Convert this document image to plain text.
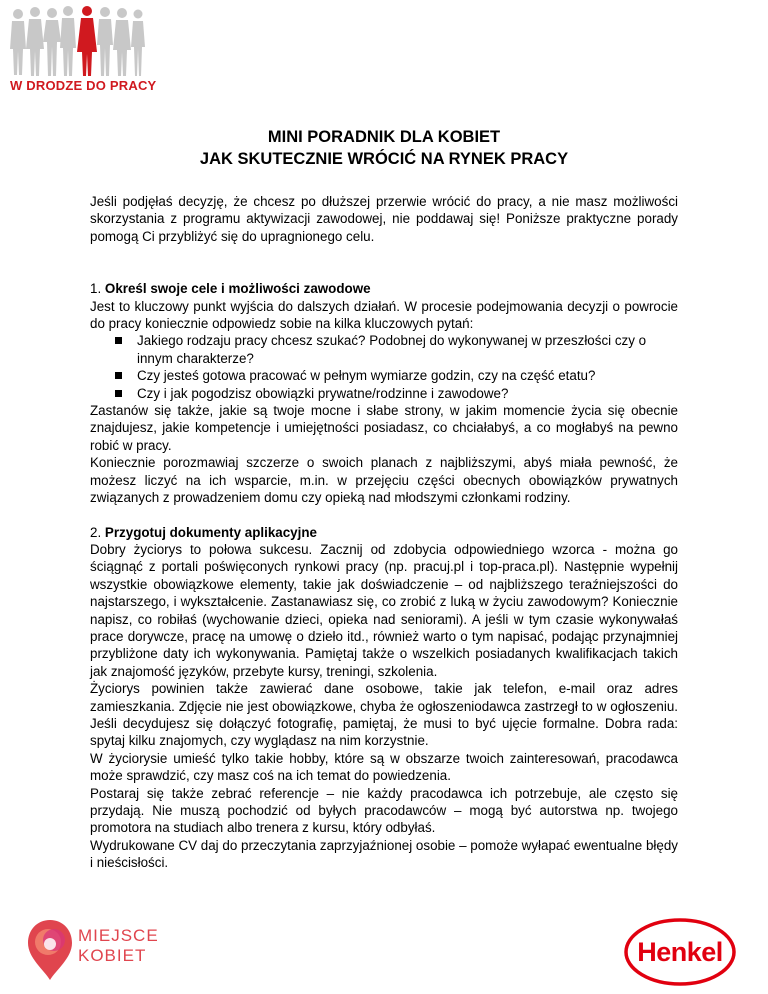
W DRODZE DO PRACY
MINI PORADNIK DLA KOBIET
JAK SKUTECZNIE WRÓCIĆ NA RYNEK PRACY

Jeśli podjęłaś decyzję, że chcesz po dłuższej przerwie wrócić do pracy, a nie masz możliwości skorzystania z programu aktywizacji zawodowej, nie poddawaj się! Poniższe praktyczne porady pomogą Ci przybliżyć się do upragnionego celu.

1. Określ swoje cele i możliwości zawodowe

Jest to kluczowy punkt wyjścia do dalszych działań. W procesie podejmowania decyzji o powrocie do pracy koniecznie odpowiedz sobie na kilka kluczowych pytań:

Jakiego rodzaju pracy chcesz szukać? Podobnej do wykonywanej w przeszłości czy o innym charakterze?
Czy jesteś gotowa pracować w pełnym wymiarze godzin, czy na część etatu?
Czy i jak pogodzisz obowiązki prywatne/rodzinne i zawodowe?

Zastanów się także, jakie są twoje mocne i słabe strony, w jakim momencie życia się obecnie znajdujesz, jakie kompetencje i umiejętności posiadasz, co chciałabyś, a co mogłabyś na pewno robić w pracy.

Koniecznie porozmawiaj szczerze o swoich planach z najbliższymi, abyś miała pewność, że możesz liczyć na ich wsparcie, m.in. w przejęciu części obecnych obowiązków prywatnych związanych z prowadzeniem domu czy opieką nad młodszymi członkami rodziny.

2. Przygotuj dokumenty aplikacyjne

Dobry życiorys to połowa sukcesu. Zacznij od zdobycia odpowiedniego wzorca - można go ściągnąć z portali poświęconych rynkowi pracy (np. pracuj.pl i top-praca.pl). Następnie wypełnij wszystkie obowiązkowe elementy, takie jak doświadczenie – od najbliższego teraźniejszości do najstarszego, i wykształcenie. Zastanawiasz się, co zrobić z luką w życiu zawodowym? Koniecznie napisz, co robiłaś (wychowanie dzieci, opieka nad seniorami). A jeśli w tym czasie wykonywałaś prace dorywcze, pracę na umowę o dzieło itd., również warto o tym napisać, podając przynajmniej przybliżone daty ich wykonywania. Pamiętaj także o wszelkich posiadanych kwalifikacjach takich jak znajomość języków, przebyte kursy, treningi, szkolenia.

Życiorys powinien także zawierać dane osobowe, takie jak telefon, e-mail oraz adres zamieszkania. Zdjęcie nie jest obowiązkowe, chyba że ogłoszeniodawca zastrzegł to w ogłoszeniu. Jeśli decydujesz się dołączyć fotografię, pamiętaj, że musi to być ujęcie formalne. Dobra rada: spytaj kilku znajomych, czy wyglądasz na nim korzystnie.

W życiorysie umieść tylko takie hobby, które są w obszarze twoich zainteresowań, pracodawca może sprawdzić, czy masz coś na ich temat do powiedzenia.

Postaraj się także zebrać referencje – nie każdy pracodawca ich potrzebuje, ale często się przydają. Nie muszą pochodzić od byłych pracodawców – mogą być autorstwa np. twojego promotora na studiach albo trenera z kursu, który odbyłaś.

Wydrukowane CV daj do przeczytania zaprzyjaźnionej osobie – pomoże wyłapać ewentualne błędy i nieścisłości.

MIEJSCE
KOBIET	Henkel
